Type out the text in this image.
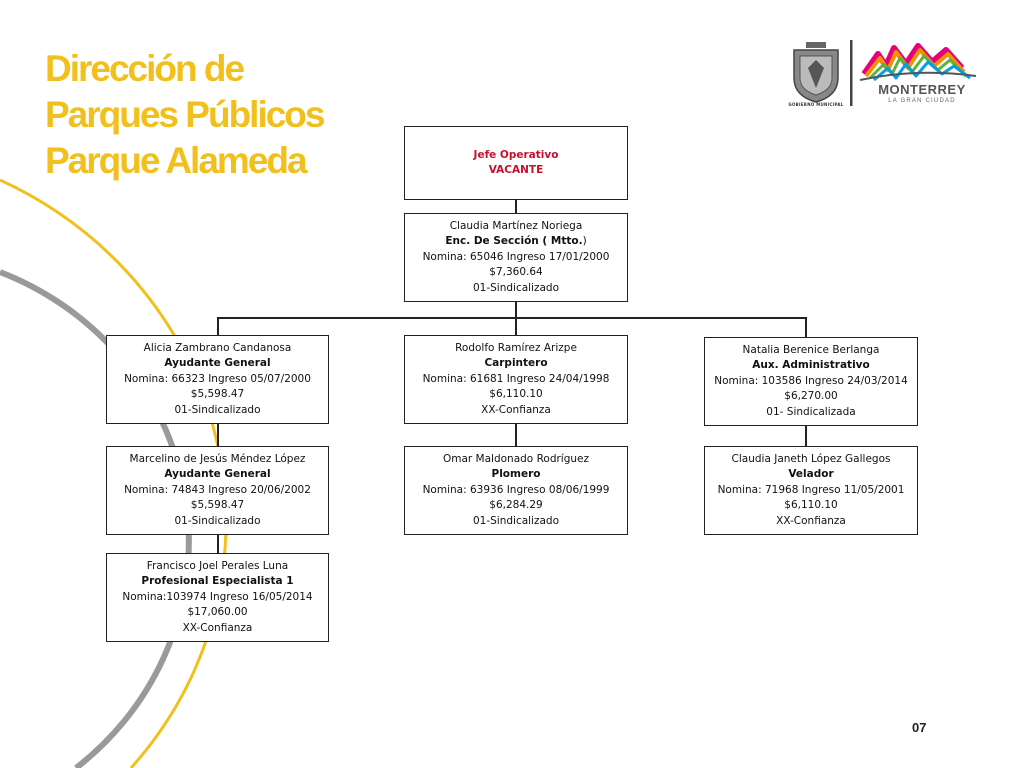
Dirección de
Parques Públicos
Parque Alameda
GOBIERNO MUNICIPAL
MONTERREY
LA GRAN CIUDAD
Jefe Operativo
VACANTE
Claudia Martínez Noriega
Enc. De Sección ( Mtto.)
Nomina: 65046 Ingreso 17/01/2000
$7,360.64
01-Sindicalizado
Alicia Zambrano Candanosa
Ayudante General
Nomina: 66323 Ingreso 05/07/2000
$5,598.47
01-Sindicalizado
Rodolfo Ramírez Arizpe
Carpintero
Nomina: 61681 Ingreso 24/04/1998
$6,110.10
XX-Confianza
Natalia Berenice Berlanga
Aux. Administrativo
Nomina: 103586 Ingreso 24/03/2014
$6,270.00
01- Sindicalizada
Marcelino de Jesús Méndez López
Ayudante General
Nomina: 74843 Ingreso 20/06/2002
$5,598.47
01-Sindicalizado
Omar Maldonado Rodríguez
Plomero
Nomina: 63936 Ingreso 08/06/1999
$6,284.29
01-Sindicalizado
Claudia Janeth López Gallegos
Velador
Nomina: 71968 Ingreso 11/05/2001
$6,110.10
XX-Confianza
Francisco Joel Perales Luna
Profesional Especialista 1
Nomina:103974 Ingreso 16/05/2014
$17,060.00
XX-Confianza
07
